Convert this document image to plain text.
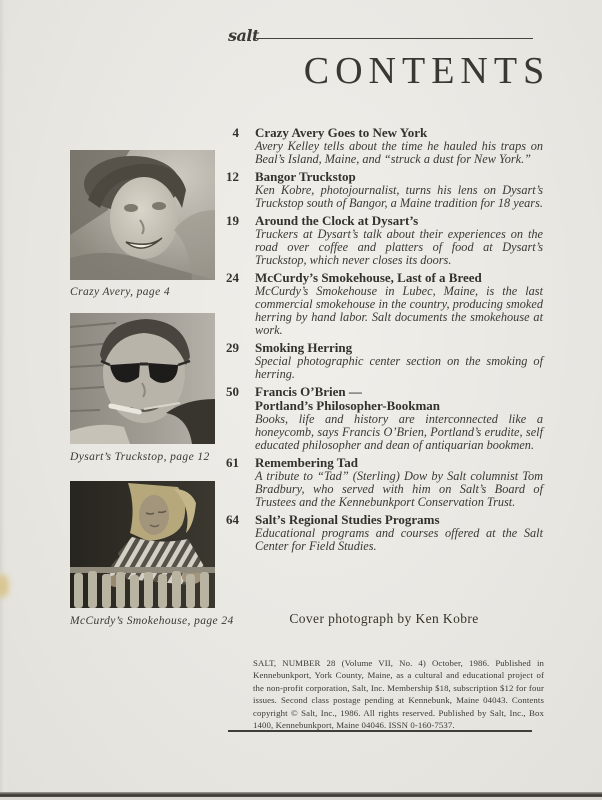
salt
CONTENTS
Crazy Avery, page 4
Dysart’s Truckstop, page 12
McCurdy’s Smokehouse, page 24
4 Crazy Avery Goes to New York
Avery Kelley tells about the time he hauled his traps on Beal’s Island, Maine, and “struck a dust for New York.”
12 Bangor Truckstop
Ken Kobre, photojournalist, turns his lens on Dysart’s Truckstop south of Bangor, a Maine tradition for 18 years.
19 Around the Clock at Dysart’s
Truckers at Dysart’s talk about their experiences on the road over coffee and platters of food at Dysart’s Truckstop, which never closes its doors.
24 McCurdy’s Smokehouse, Last of a Breed
McCurdy’s Smokehouse in Lubec, Maine, is the last commercial smokehouse in the country, producing smoked herring by hand labor. Salt documents the smokehouse at work.
29 Smoking Herring
Special photographic center section on the smoking of herring.
50 Francis O’Brien —
Portland’s Philosopher-Bookman
Books, life and history are interconnected like a honeycomb, says Francis O’Brien, Portland’s erudite, self educated philosopher and dean of antiquarian bookmen.
61 Remembering Tad
A tribute to “Tad” (Sterling) Dow by Salt columnist Tom Bradbury, who served with him on Salt’s Board of Trustees and the Kennebunkport Conservation Trust.
64 Salt’s Regional Studies Programs
Educational programs and courses offered at the Salt Center for Field Studies.
Cover photograph by Ken Kobre
SALT, NUMBER 28 (Volume VII, No. 4) October, 1986. Published in Kennebunkport, York County, Maine, as a cultural and educational project of the non-profit corporation, Salt, Inc. Membership $18, subscription $12 for four issues. Second class postage pending at Kennebunk, Maine 04043. Contents copyright © Salt, Inc., 1986. All rights reserved. Published by Salt, Inc., Box 1400, Kennebunkport, Maine 04046. ISSN 0-160-7537.
